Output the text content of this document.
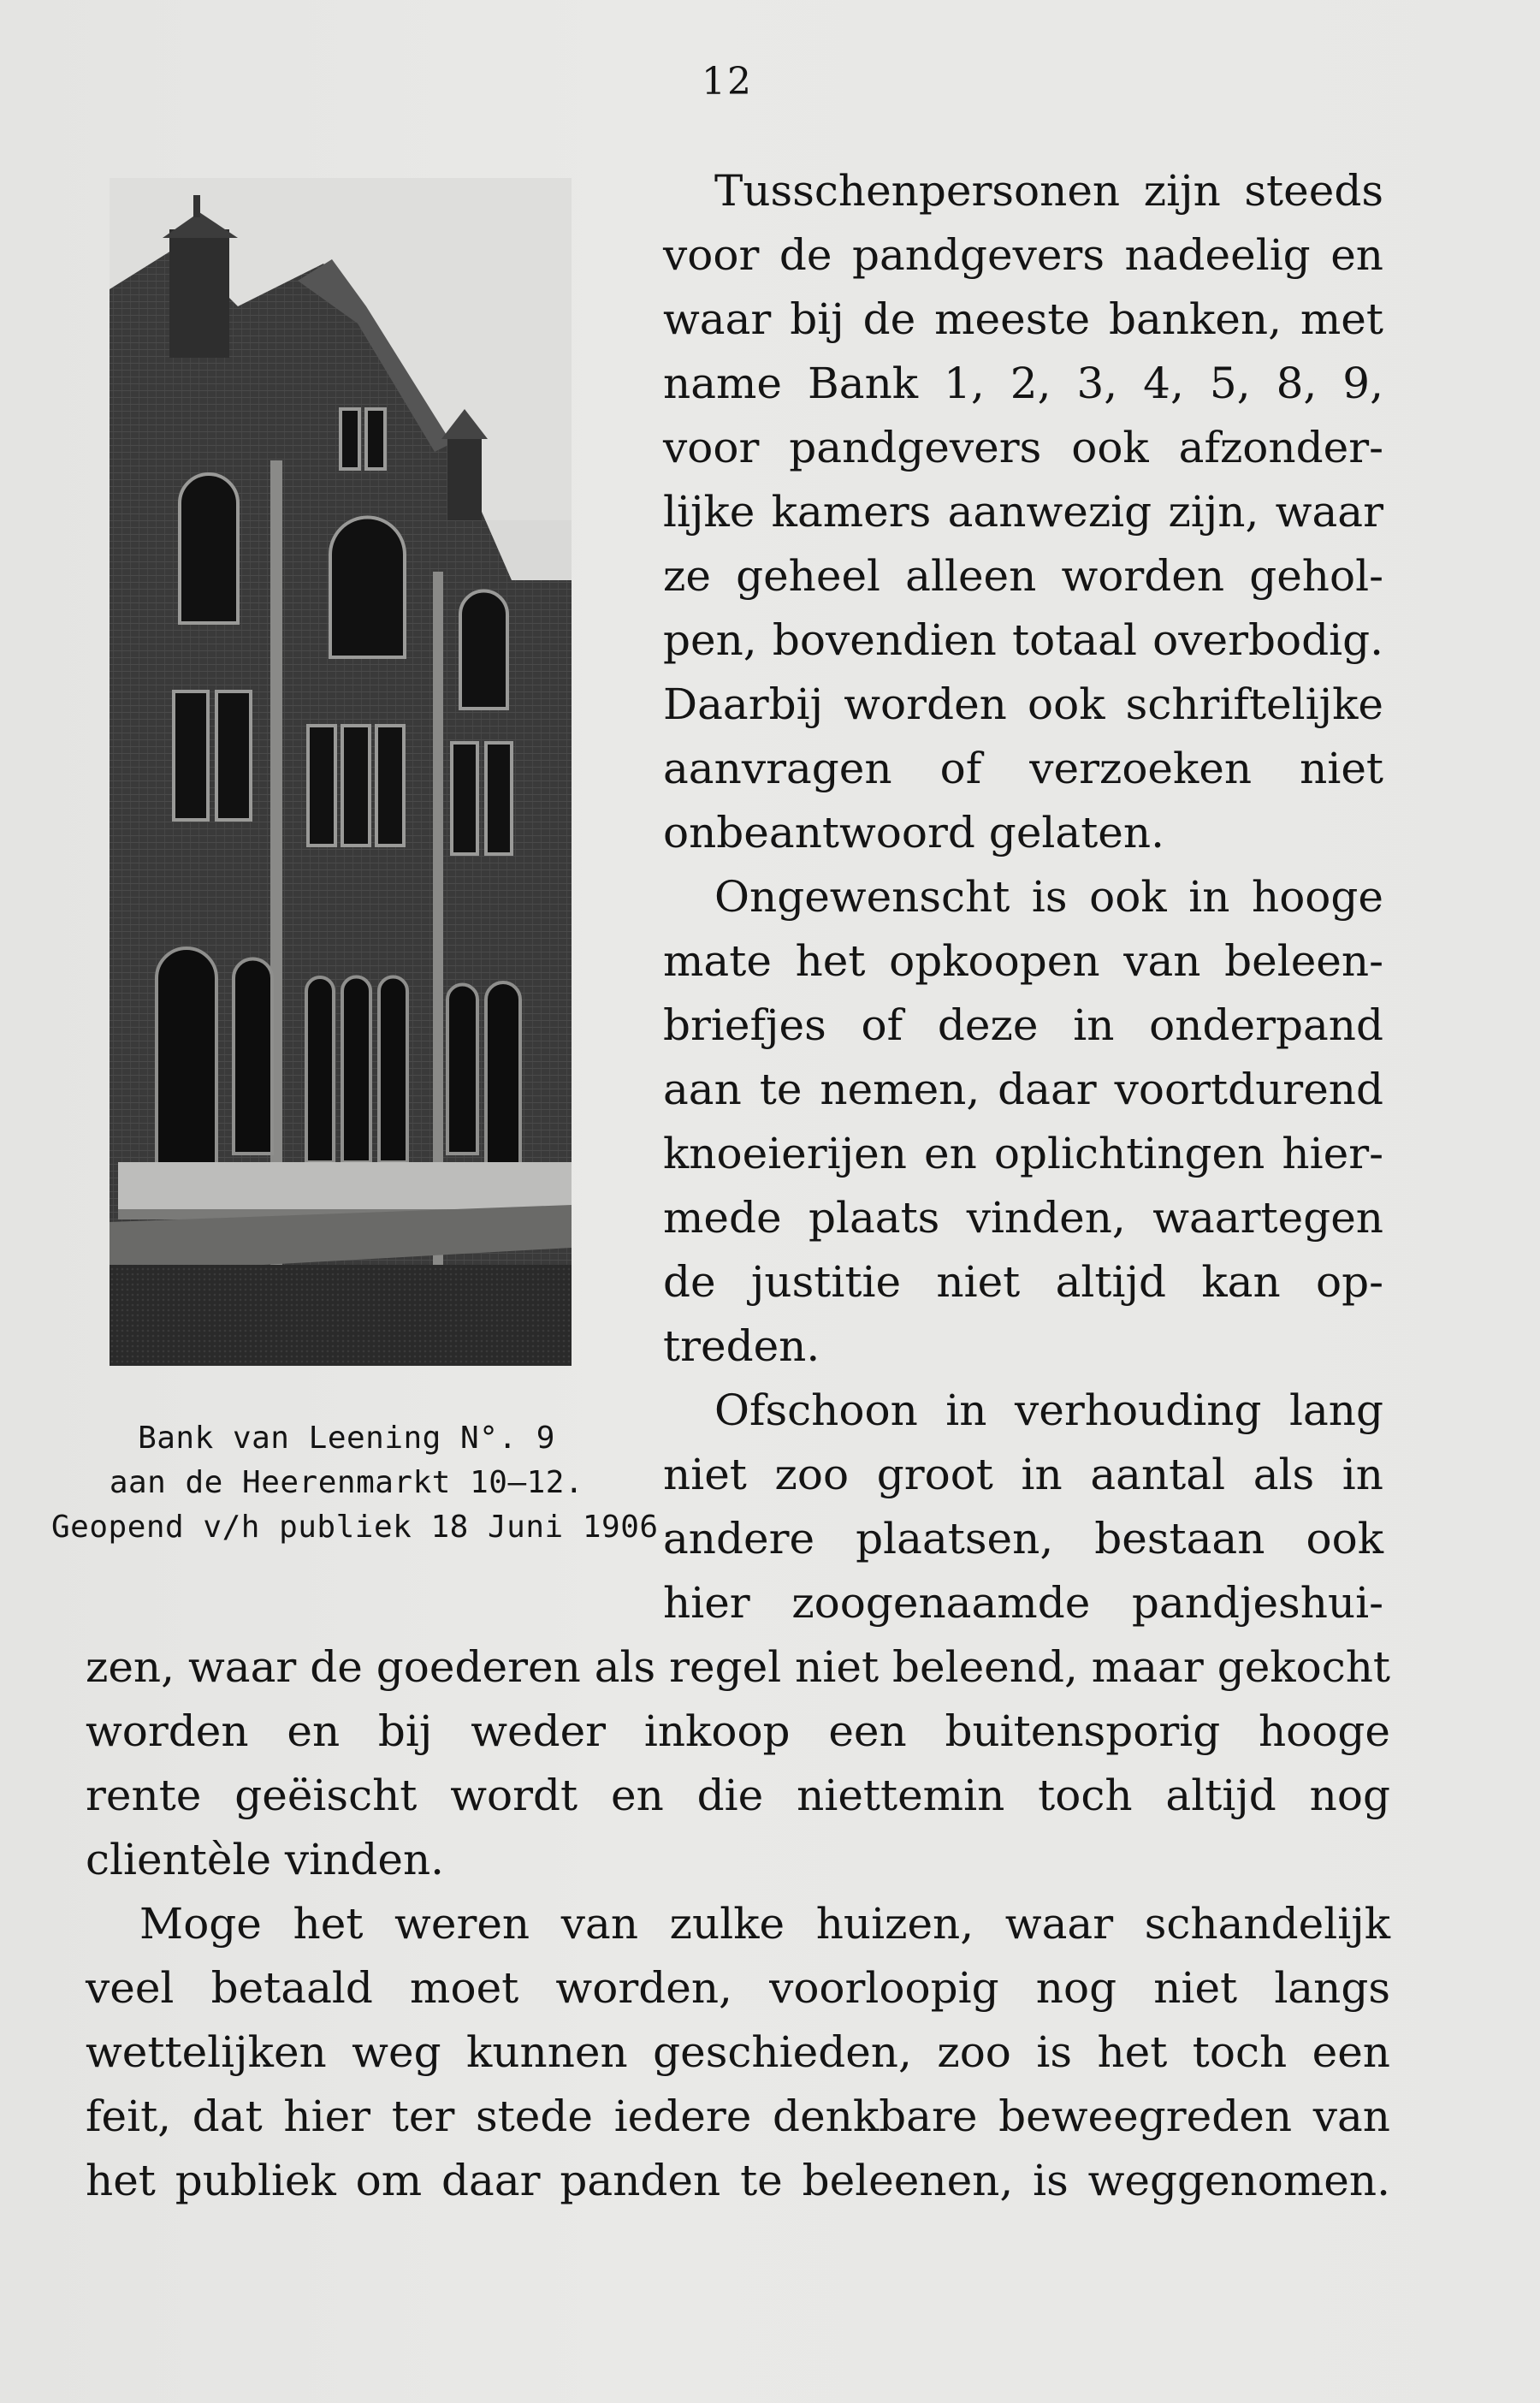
12
Bank van Leening N°. 9
aan de Heerenmarkt 10—12.
Geopend v/h publiek 18 Juni 1906.
Tusschenpersonen zijn steeds
voor de pandgevers nadeelig en
waar bij de meeste banken, met
name Bank 1, 2, 3, 4, 5, 8, 9,
voor pandgevers ook afzonder-
lijke kamers aanwezig zijn, waar
ze geheel alleen worden gehol-
pen, bovendien totaal overbodig.
Daarbij worden ook schriftelijke
aanvragen of verzoeken niet
onbeantwoord gelaten.
Ongewenscht is ook in hooge
mate het opkoopen van beleen-
briefjes of deze in onderpand
aan te nemen, daar voortdurend
knoeierijen en oplichtingen hier-
mede plaats vinden, waartegen
de justitie niet altijd kan op-
treden.
Ofschoon in verhouding lang
niet zoo groot in aantal als in
andere plaatsen, bestaan ook
hier zoogenaamde pandjeshui-
zen, waar de goederen als regel niet beleend, maar gekocht
worden en bij weder inkoop een buitensporig hooge
rente geëischt wordt en die niettemin toch altijd nog
clientèle vinden.
Moge het weren van zulke huizen, waar schandelijk
veel betaald moet worden, voorloopig nog niet langs
wettelijken weg kunnen geschieden, zoo is het toch een
feit, dat hier ter stede iedere denkbare beweegreden van
het publiek om daar panden te beleenen, is weggenomen.
